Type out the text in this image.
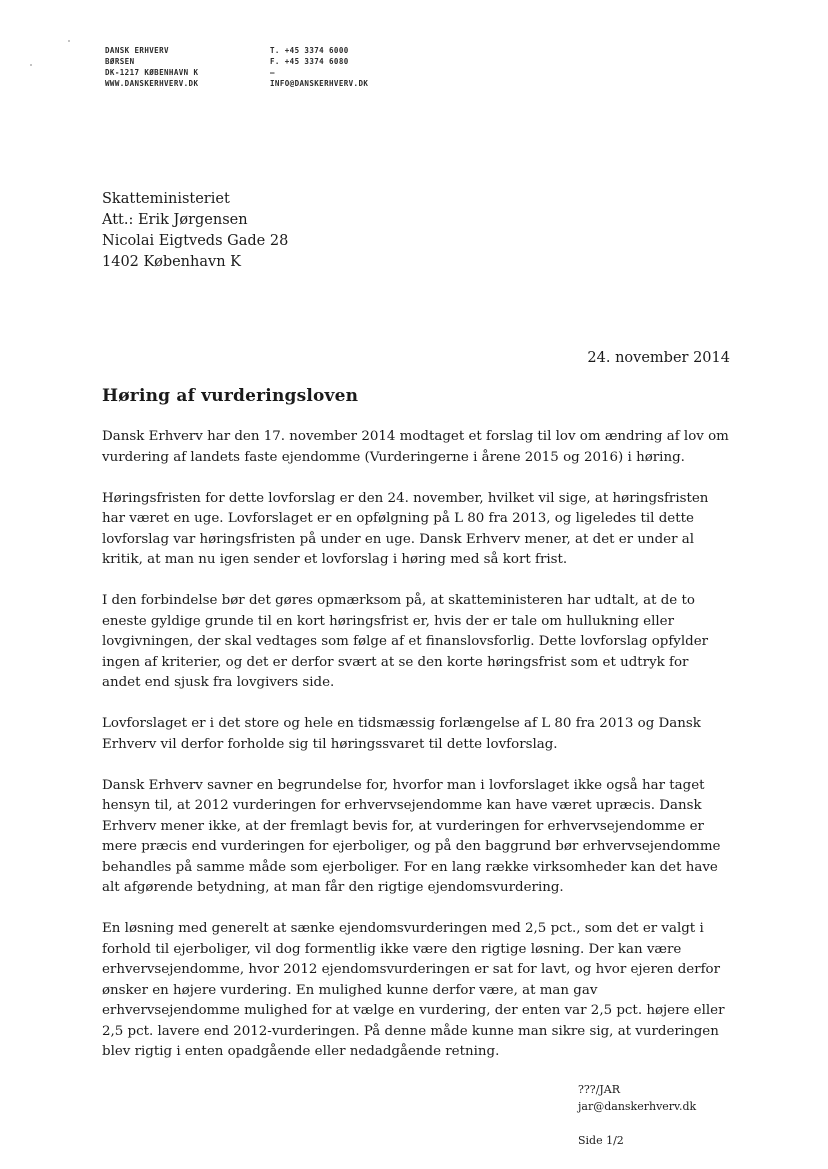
DANSK ERHVERV
BØRSEN
DK-1217 KØBENHAVN K
WWW.DANSKERHVERV.DK
T. +45 3374 6000
F. +45 3374 6080
–
INFO@DANSKERHVERV.DK
Skatteministeriet
Att.: Erik Jørgensen
Nicolai Eigtveds Gade 28
1402 København K
24. november 2014
Høring af vurderingsloven

Dansk Erhverv har den 17. november 2014 modtaget et forslag til lov om ændring af lov om vurdering af landets faste ejendomme (Vurderingerne i årene 2015 og 2016) i høring.

Høringsfristen for dette lovforslag er den 24. november, hvilket vil sige, at høringsfristen har været en uge. Lovforslaget er en opfølgning på L 80 fra 2013, og ligeledes til dette lovforslag var høringsfristen på under en uge. Dansk Erhverv mener, at det er under al kritik, at man nu igen sender et lovforslag i høring med så kort frist.

I den forbindelse bør det gøres opmærksom på, at skatteministeren har udtalt, at de to eneste gyldige grunde til en kort høringsfrist er, hvis der er tale om hullukning eller lovgivningen, der skal vedtages som følge af et finanslovsforlig. Dette lovforslag opfylder ingen af kriterier, og det er derfor svært at se den korte høringsfrist som et udtryk for andet end sjusk fra lovgivers side.

Lovforslaget er i det store og hele en tidsmæssig forlængelse af L 80 fra 2013 og Dansk Erhverv vil derfor forholde sig til høringssvaret til dette lovforslag.

Dansk Erhverv savner en begrundelse for, hvorfor man i lovforslaget ikke også har taget hensyn til, at 2012 vurderingen for erhvervsejendomme kan have været upræcis. Dansk Erhverv mener ikke, at der fremlagt bevis for, at vurderingen for erhvervsejendomme er mere præcis end vurderingen for ejerboliger, og på den baggrund bør erhvervsejendomme behandles på samme måde som ejerboliger. For en lang række virksomheder kan det have alt afgørende betydning, at man får den rigtige ejendomsvurdering.

En løsning med generelt at sænke ejendomsvurderingen med 2,5 pct., som det er valgt i forhold til ejerboliger, vil dog formentlig ikke være den rigtige løsning. Der kan være erhvervsejendomme, hvor 2012 ejendomsvurderingen er sat for lavt, og hvor ejeren derfor ønsker en højere vurdering. En mulighed kunne derfor være, at man gav erhvervsejendomme mulighed for at vælge en vurdering, der enten var 2,5 pct. højere eller 2,5 pct. lavere end 2012-vurderingen. På denne måde kunne man sikre sig, at vurderingen blev rigtig i enten opadgående eller nedadgående retning.

???/JAR
jar@danskerhverv.dk
Side 1/2
